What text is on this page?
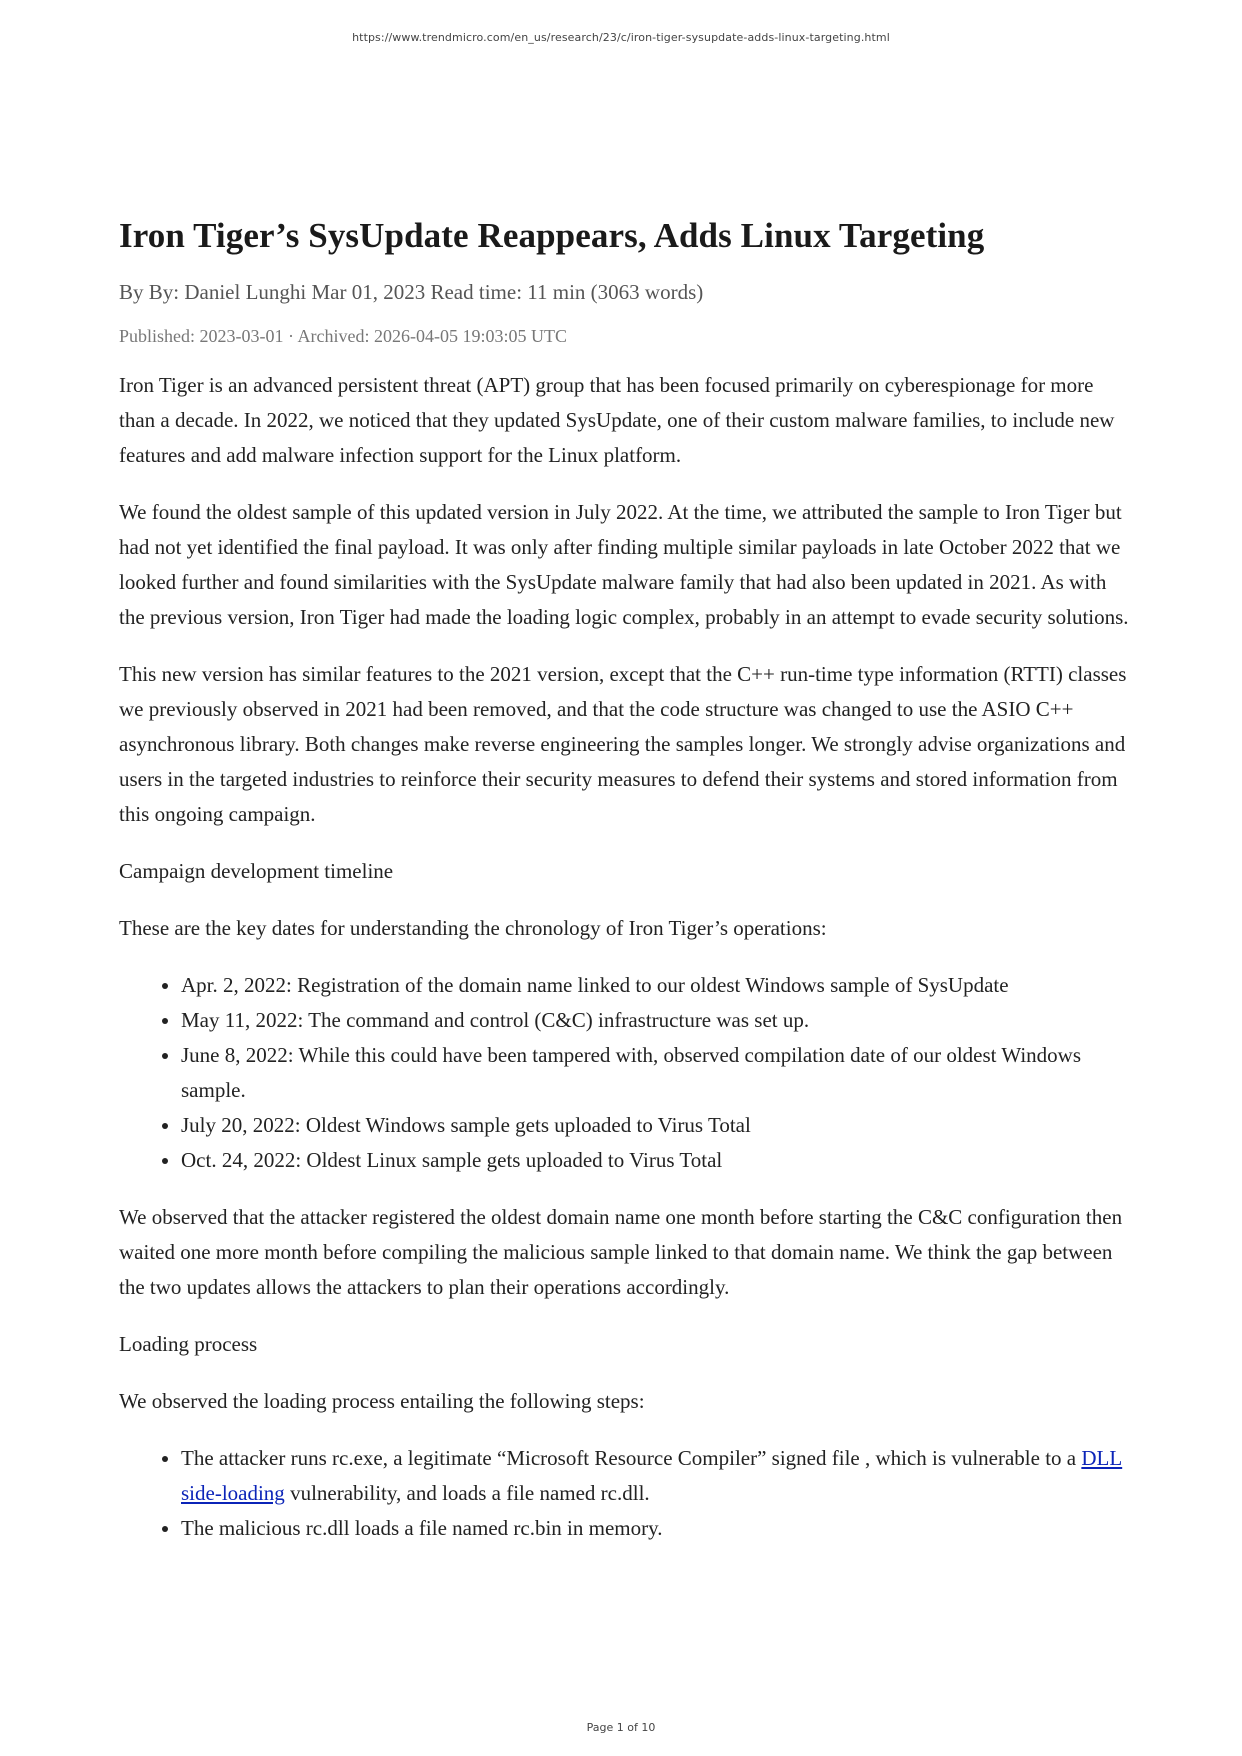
https://www.trendmicro.com/en_us/research/23/c/iron-tiger-sysupdate-adds-linux-targeting.html
Iron Tiger’s SysUpdate Reappears, Adds Linux Targeting
By By: Daniel Lunghi Mar 01, 2023 Read time: 11 min (3063 words)
Published: 2023-03-01 · Archived: 2026-04-05 19:03:05 UTC

Iron Tiger is an advanced persistent threat (APT) group that has been focused primarily on cyberespionage for more than a decade. In 2022, we noticed that they updated SysUpdate, one of their custom malware families, to include new features and add malware infection support for the Linux platform.

We found the oldest sample of this updated version in July 2022. At the time, we attributed the sample to Iron Tiger but had not yet identified the final payload. It was only after finding multiple similar payloads in late October 2022 that we looked further and found similarities with the SysUpdate malware family that had also been updated in 2021. As with the previous version, Iron Tiger had made the loading logic complex, probably in an attempt to evade security solutions.

This new version has similar features to the 2021 version, except that the C++ run-time type information (RTTI) classes we previously observed in 2021 had been removed, and that the code structure was changed to use the ASIO C++ asynchronous library. Both changes make reverse engineering the samples longer. We strongly advise organizations and users in the targeted industries to reinforce their security measures to defend their systems and stored information from this ongoing campaign.

Campaign development timeline

These are the key dates for understanding the chronology of Iron Tiger’s operations:

• Apr. 2, 2022: Registration of the domain name linked to our oldest Windows sample of SysUpdate
• May 11, 2022: The command and control (C&C) infrastructure was set up.
• June 8, 2022: While this could have been tampered with, observed compilation date of our oldest Windows sample.
• July 20, 2022: Oldest Windows sample gets uploaded to Virus Total
• Oct. 24, 2022: Oldest Linux sample gets uploaded to Virus Total

We observed that the attacker registered the oldest domain name one month before starting the C&C configuration then waited one more month before compiling the malicious sample linked to that domain name. We think the gap between the two updates allows the attackers to plan their operations accordingly.

Loading process

We observed the loading process entailing the following steps:

• The attacker runs rc.exe, a legitimate “Microsoft Resource Compiler” signed file , which is vulnerable to a DLL side-loading vulnerability, and loads a file named rc.dll.
• The malicious rc.dll loads a file named rc.bin in memory.
Page 1 of 10
